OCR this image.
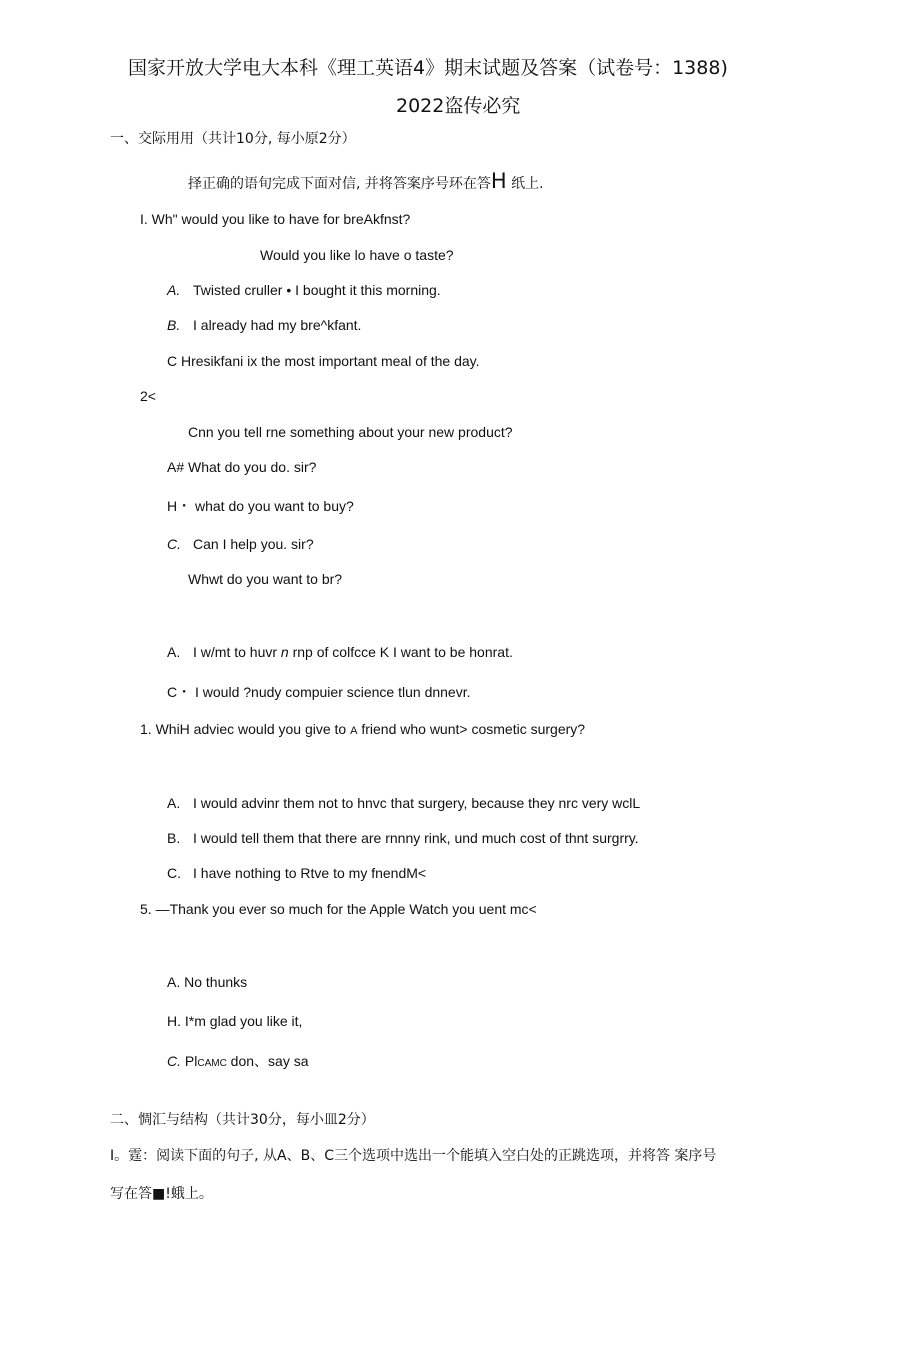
国家开放大学电大本科《理工英语4》期末试题及答案（试卷号：1388)
2022盗传必究
一、交际用用（共计10分, 每小原2分）
择正确的语旬完成下面对信, 并将答案序号环在答H 纸上.
I. Wh" would you like to have for breAkfnst?
Would you like lo have o taste?
A. Twisted cruller • I bought it this morning.
B. I already had my bre^kfant.
C Hresikfani ix the most important meal of the day.
2<
Cnn you tell rne something about your new product?
A# What do you do. sir?
H・ what do you want to buy?
C. Can I help you. sir?
Whwt do you want to br?
A. I w/mt to huvr n rnp of colfcce K I want to be honrat.
C・ I would ?nudy compuier science tlun dnnevr.
1. WhiH adviec would you give to A friend who wunt> cosmetic surgery?
A. I would advinr them not to hnvc that surgery, because they nrc very wclL
B. I would tell them that there are rnnny rink, und much cost of thnt surgrry.
C. I have nothing to Rtve to my fnendM<
5. —Thank you ever so much for the Apple Watch you uent mc<
A. No thunks
H. I*m glad you like it,
C. PlCAMC don、say sa
二、惆汇与结构（共计30分，每小皿2分）
I。霆：阅读下面的句子, 从A、B、C三个选项中选出一个能填入空白处的正跳选项，并将答 案序号
写在答■!蛾上。
